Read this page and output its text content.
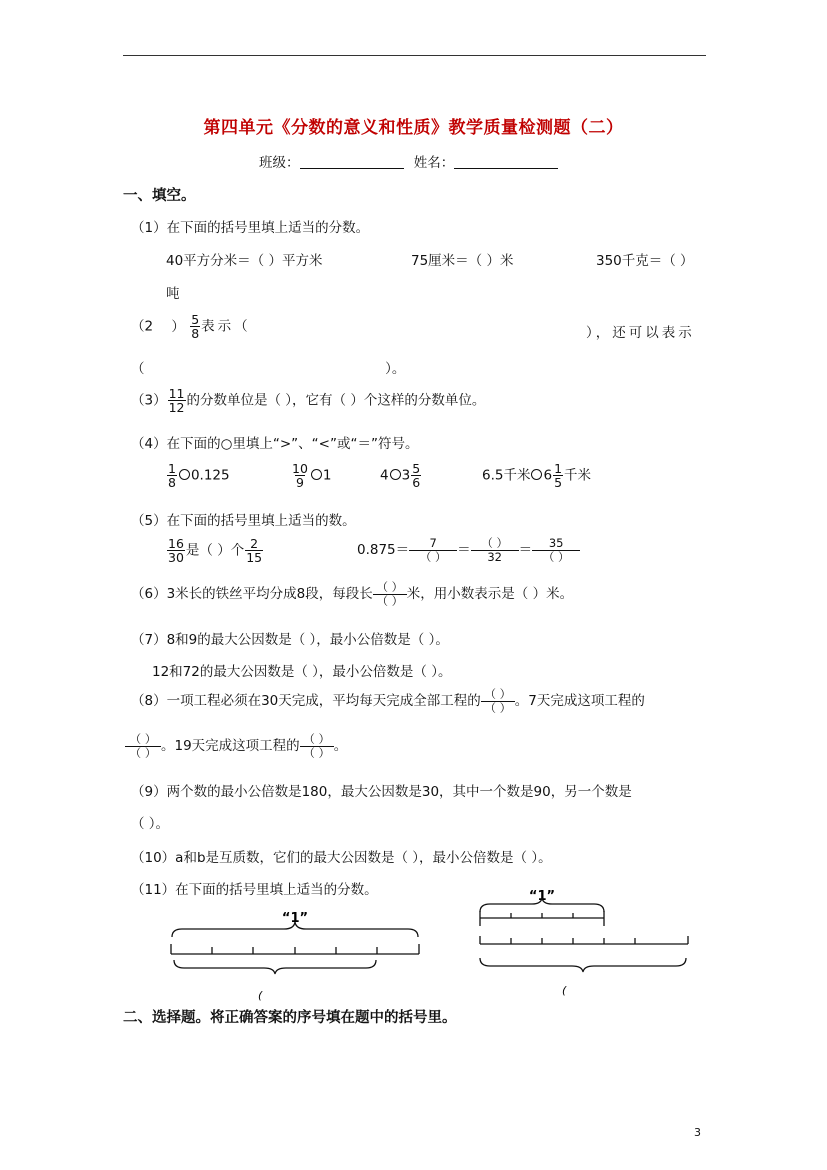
第四单元《分数的意义和性质》教学质量检测题（二）
班级：	姓名：
一、填空。
（1）在下面的括号里填上适当的分数。
40平方分米＝（ ）平方米	75厘米＝（ ）米	350千克＝（ ）
吨
（2 ） $\frac{5}{8}$ 表示（	），还可以表示
（	）。
$(3) \frac{11}{12}$ 的分数单位是（ ），它有（ ）个这样的分数单位。
（4）在下面的○里填上“>”、“<”或“＝”符号。
$\frac{1}{8} 0.125$	$\frac{10}{9} 1$	4 $3 \frac{5}{6}$	6.5千米 $6 \frac{1}{5}$ 千米
（5）在下面的括号里填上适当的数。
$\frac{16}{30}$ 是（ ）个 $\frac{2}{15}$	0.875＝ 7
（ ） ＝ （ ）
32	＝ 35
（ ）
（6）3米长的铁丝平均分成8段，每段长 （ ）
（ ） 米，用小数表示是（ ）米。
（7）8和9的最大公因数是（ ），最小公倍数是（ ）。
12和72的最大公因数是（ ），最小公倍数是（ ）。
（8）一项工程必须在30天完成，平均每天完成全部工程的 （ ）
（ ） 。7天完成这项工程的
（ ）
（ ） 。19天完成这项工程的 （ ）
（ ） 。
（9）两个数的最小公倍数是180，最大公因数是30，其中一个数是90，另一个数是
（ ）。
（10）a和b是互质数，它们的最大公因数是（ ），最小公倍数是（ ）。
（11）在下面的括号里填上适当的分数。
“1”
(
“1”
(
二、选择题。将正确答案的序号填在题中的括号里。
3
